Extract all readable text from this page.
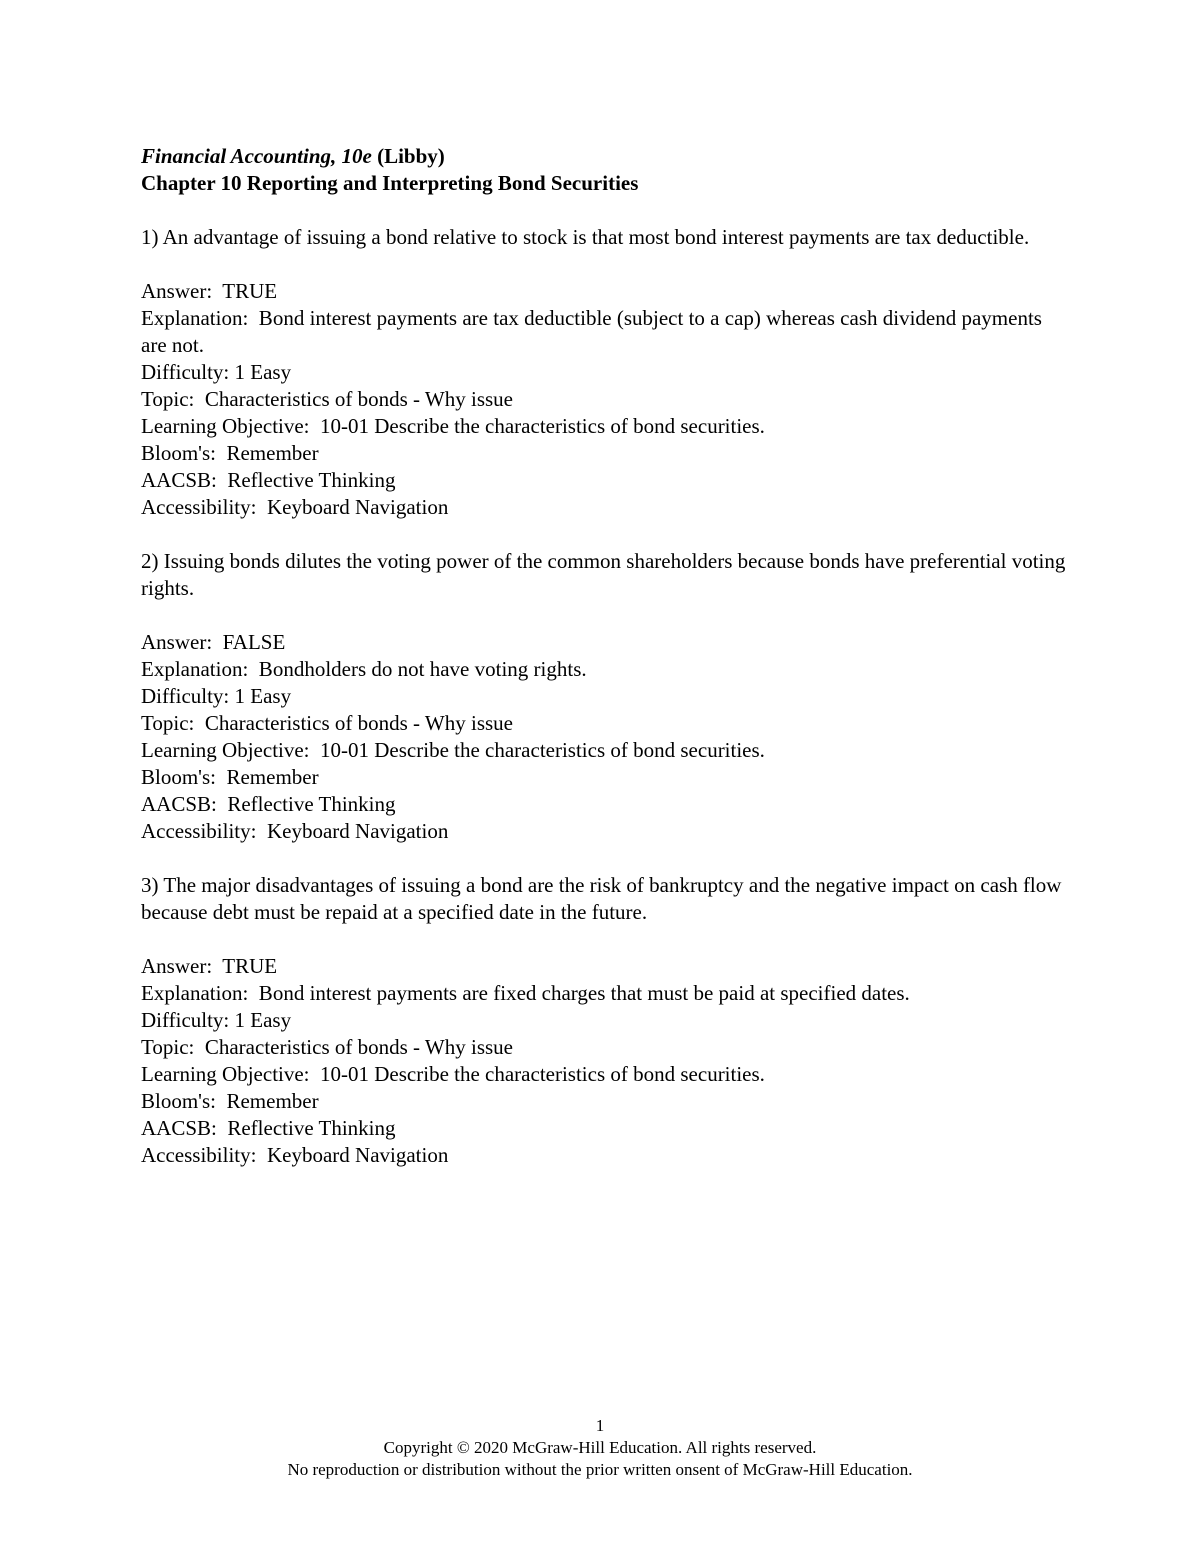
Financial Accounting, 10e (Libby)

Chapter 10 Reporting and Interpreting Bond Securities

1) An advantage of issuing a bond relative to stock is that most bond interest payments are tax deductible.

Answer:  TRUE

Explanation:  Bond interest payments are tax deductible (subject to a cap) whereas cash dividend payments are not.

Difficulty: 1 Easy

Topic:  Characteristics of bonds - Why issue

Learning Objective:  10-01 Describe the characteristics of bond securities.

Bloom's:  Remember

AACSB:  Reflective Thinking

Accessibility:  Keyboard Navigation

2) Issuing bonds dilutes the voting power of the common shareholders because bonds have preferential voting rights.

Answer:  FALSE

Explanation:  Bondholders do not have voting rights.

Difficulty: 1 Easy

Topic:  Characteristics of bonds - Why issue

Learning Objective:  10-01 Describe the characteristics of bond securities.

Bloom's:  Remember

AACSB:  Reflective Thinking

Accessibility:  Keyboard Navigation

3) The major disadvantages of issuing a bond are the risk of bankruptcy and the negative impact on cash flow because debt must be repaid at a specified date in the future.

Answer:  TRUE

Explanation:  Bond interest payments are fixed charges that must be paid at specified dates.

Difficulty: 1 Easy

Topic:  Characteristics of bonds - Why issue

Learning Objective:  10-01 Describe the characteristics of bond securities.

Bloom's:  Remember

AACSB:  Reflective Thinking

Accessibility:  Keyboard Navigation

1

Copyright © 2020 McGraw-Hill Education. All rights reserved.

No reproduction or distribution without the prior written onsent of McGraw-Hill Education.
